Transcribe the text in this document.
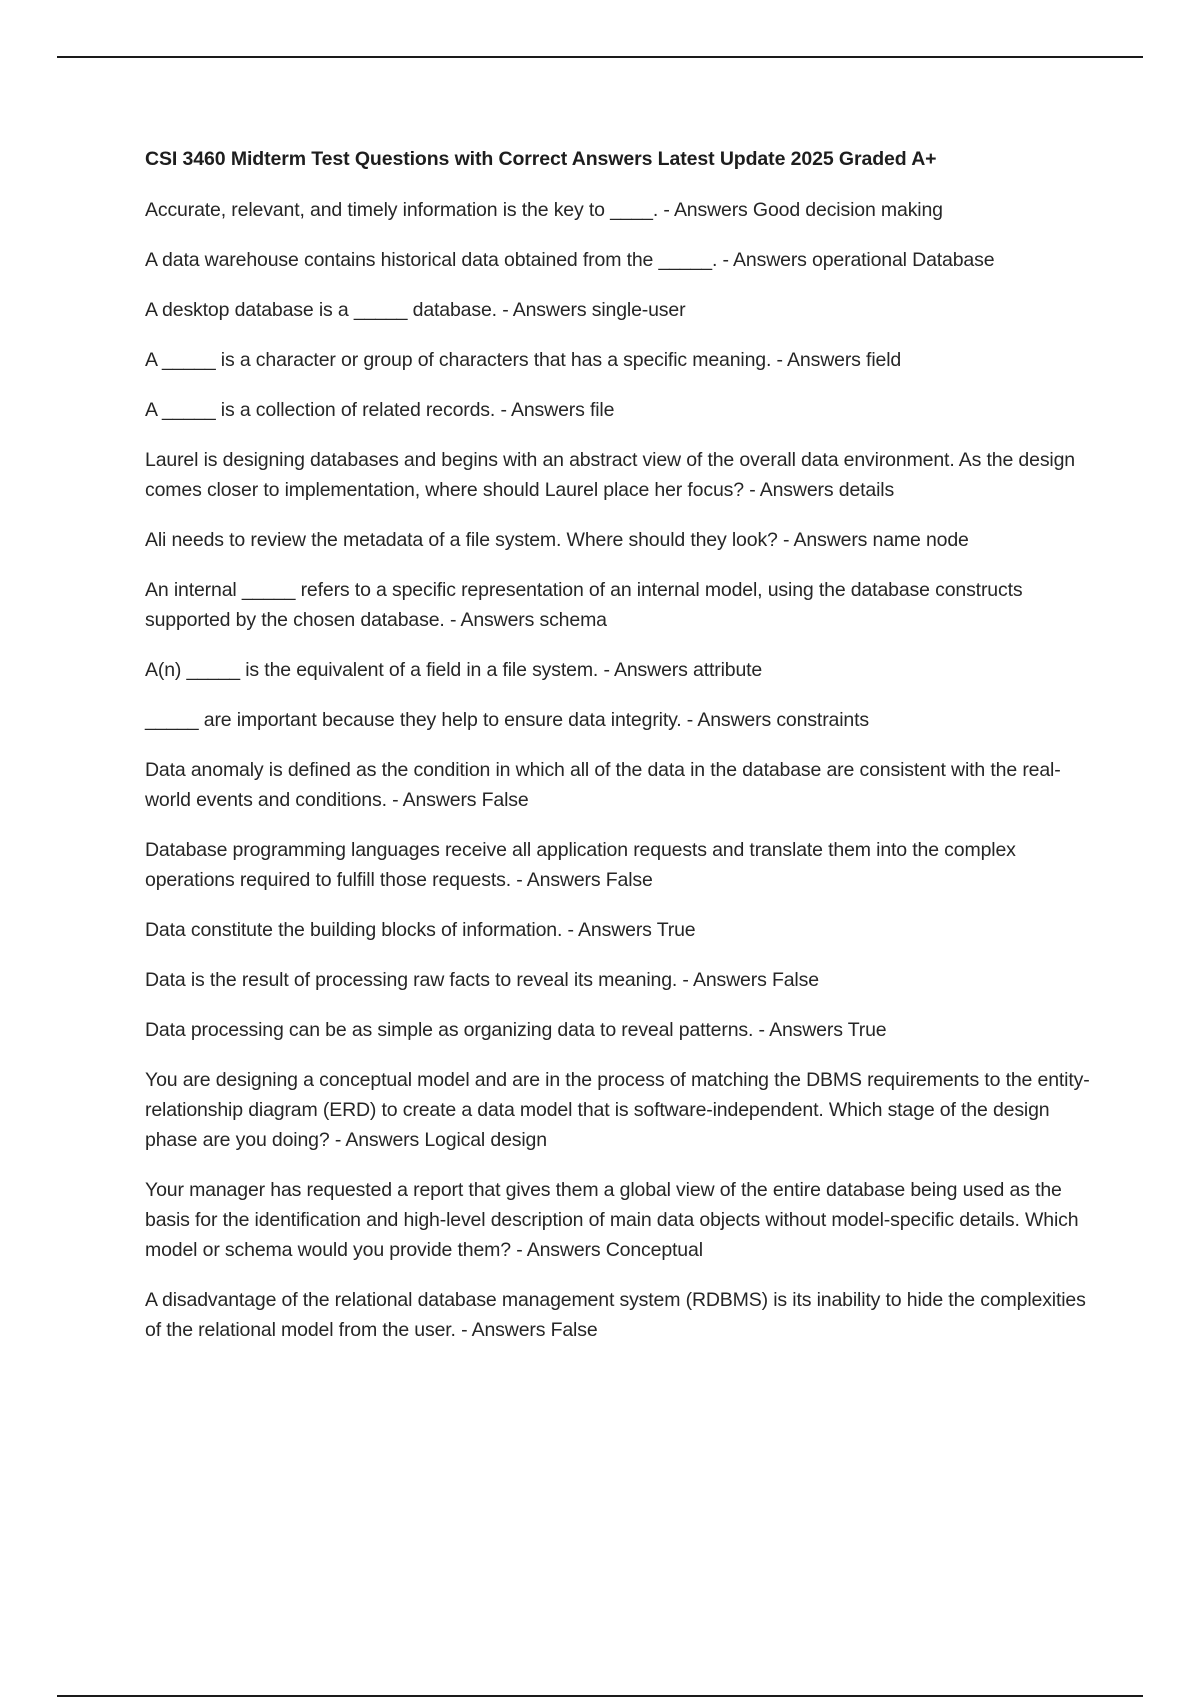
CSI 3460 Midterm Test Questions with Correct Answers Latest Update 2025 Graded A+

Accurate, relevant, and timely information is the key to ____. - Answers Good decision making

A data warehouse contains historical data obtained from the _____. - Answers operational Database

A desktop database is a _____ database. - Answers single-user

A _____ is a character or group of characters that has a specific meaning. - Answers field

A _____ is a collection of related records. - Answers file

Laurel is designing databases and begins with an abstract view of the overall data environment. As the design comes closer to implementation, where should Laurel place her focus? - Answers details

Ali needs to review the metadata of a file system. Where should they look? - Answers name node

An internal _____ refers to a specific representation of an internal model, using the database constructs supported by the chosen database. - Answers schema

A(n) _____ is the equivalent of a field in a file system. - Answers attribute

_____ are important because they help to ensure data integrity. - Answers constraints

Data anomaly is defined as the condition in which all of the data in the database are consistent with the real-world events and conditions. - Answers False

Database programming languages receive all application requests and translate them into the complex operations required to fulfill those requests. - Answers False

Data constitute the building blocks of information. - Answers True

Data is the result of processing raw facts to reveal its meaning. - Answers False

Data processing can be as simple as organizing data to reveal patterns. - Answers True

You are designing a conceptual model and are in the process of matching the DBMS requirements to the entity-relationship diagram (ERD) to create a data model that is software-independent. Which stage of the design phase are you doing? - Answers Logical design

Your manager has requested a report that gives them a global view of the entire database being used as the basis for the identification and high-level description of main data objects without model-specific details. Which model or schema would you provide them? - Answers Conceptual

A disadvantage of the relational database management system (RDBMS) is its inability to hide the complexities of the relational model from the user. - Answers False
